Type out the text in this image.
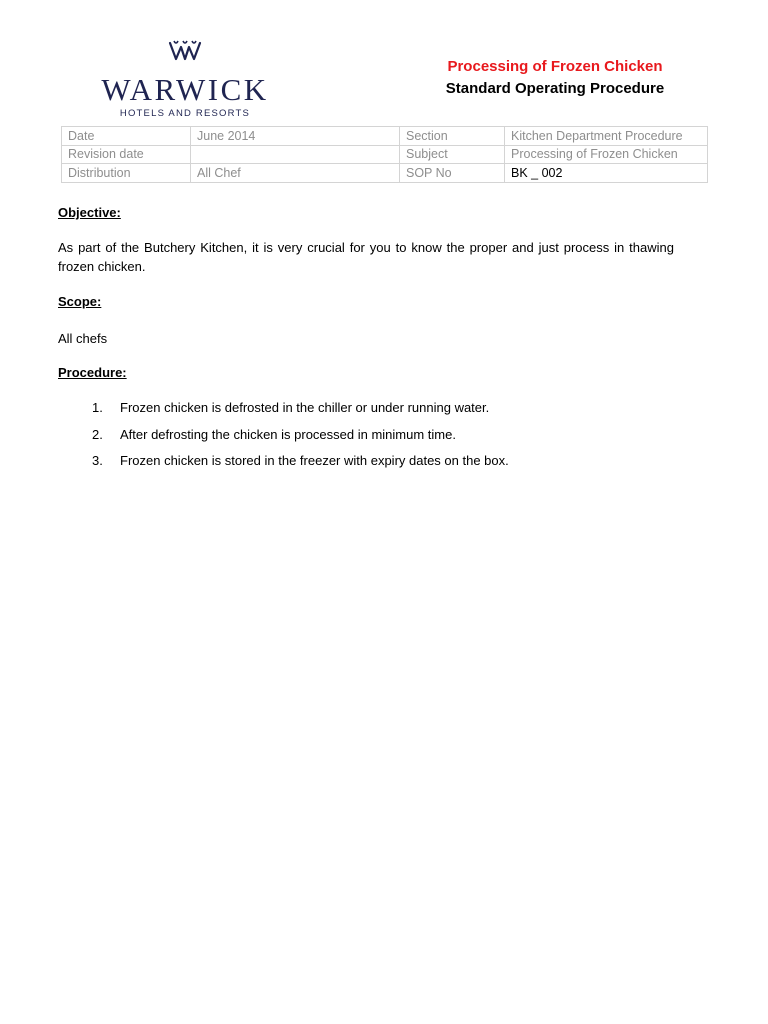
WARWICK
HOTELS AND RESORTS
Processing of Frozen Chicken
Standard Operating Procedure
Date	June 2014	Section	Kitchen Department Procedure
Revision date		Subject	Processing of Frozen Chicken
Distribution	All Chef	SOP No	BK _ 002
Objective:
As part of the Butchery Kitchen, it is very crucial for you to know the proper and just process in thawing frozen chicken.
Scope:
All chefs
Procedure:
1.	Frozen chicken is defrosted in the chiller or under running water.
2.	After defrosting the chicken is processed in minimum time.
3.	Frozen chicken is stored in the freezer with expiry dates on the box.
